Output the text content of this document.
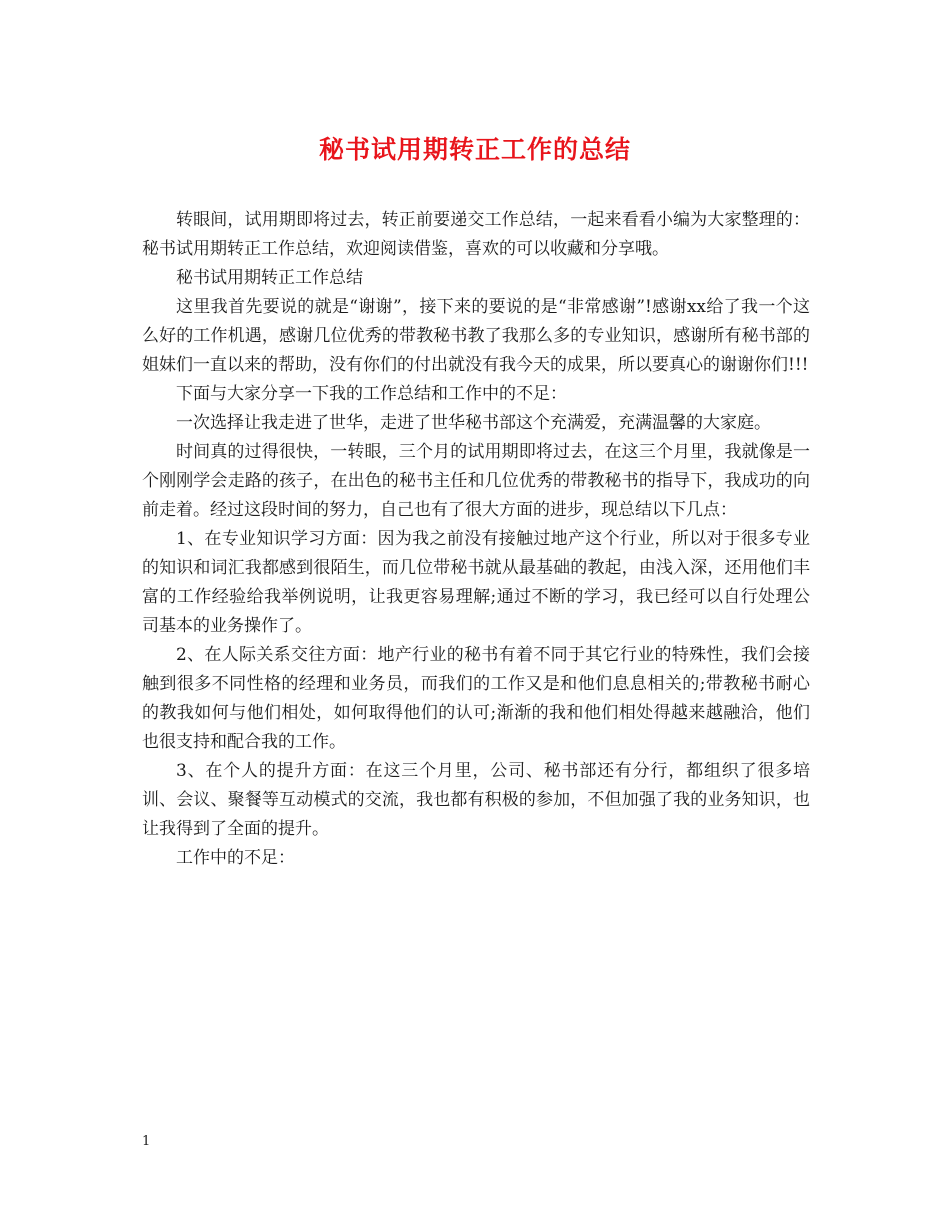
秘书试用期转正工作的总结

转眼间，试用期即将过去，转正前要递交工作总结，一起来看看小编为大家整理的：秘书试用期转正工作总结，欢迎阅读借鉴，喜欢的可以收藏和分享哦。

秘书试用期转正工作总结

这里我首先要说的就是“谢谢”，接下来的要说的是“非常感谢”!感谢xx给了我一个这么好的工作机遇，感谢几位优秀的带教秘书教了我那么多的专业知识，感谢所有秘书部的姐妹们一直以来的帮助，没有你们的付出就没有我今天的成果，所以要真心的谢谢你们!!!

下面与大家分享一下我的工作总结和工作中的不足：

一次选择让我走进了世华，走进了世华秘书部这个充满爱，充满温馨的大家庭。

时间真的过得很快，一转眼，三个月的试用期即将过去，在这三个月里，我就像是一个刚刚学会走路的孩子，在出色的秘书主任和几位优秀的带教秘书的指导下，我成功的向前走着。经过这段时间的努力，自己也有了很大方面的进步，现总结以下几点：

1、在专业知识学习方面：因为我之前没有接触过地产这个行业，所以对于很多专业的知识和词汇我都感到很陌生，而几位带秘书就从最基础的教起，由浅入深，还用他们丰富的工作经验给我举例说明，让我更容易理解;通过不断的学习，我已经可以自行处理公司基本的业务操作了。

2、在人际关系交往方面：地产行业的秘书有着不同于其它行业的特殊性，我们会接触到很多不同性格的经理和业务员，而我们的工作又是和他们息息相关的;带教秘书耐心的教我如何与他们相处，如何取得他们的认可;渐渐的我和他们相处得越来越融洽，他们也很支持和配合我的工作。

3、在个人的提升方面：在这三个月里，公司、秘书部还有分行，都组织了很多培训、会议、聚餐等互动模式的交流，我也都有积极的参加，不但加强了我的业务知识，也让我得到了全面的提升。

工作中的不足：

1
